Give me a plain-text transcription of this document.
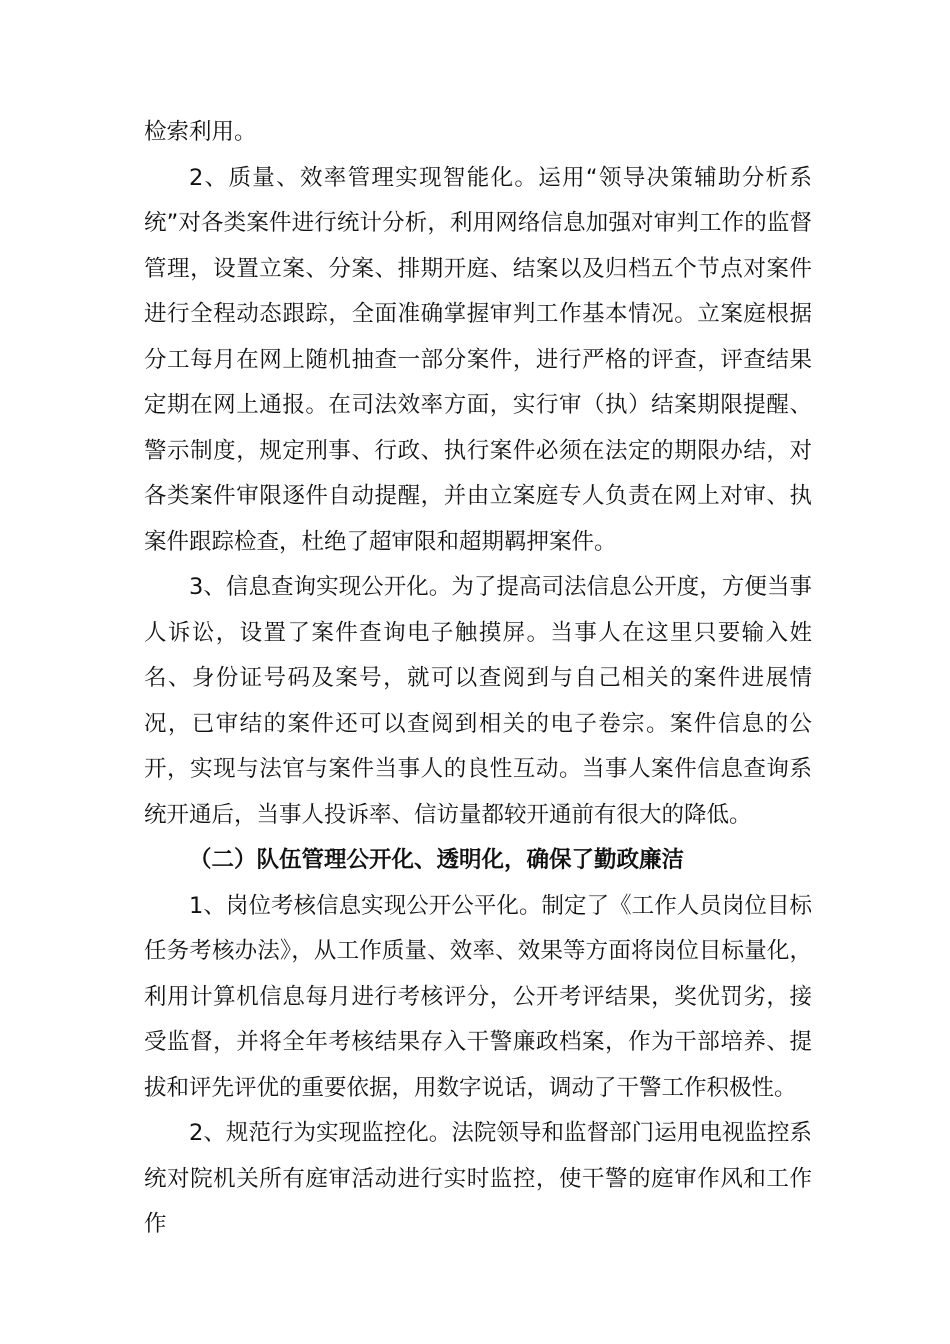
检索利用。

2、质量、效率管理实现智能化。运用“领导决策辅助分析系统”对各类案件进行统计分析，利用网络信息加强对审判工作的监督管理，设置立案、分案、排期开庭、结案以及归档五个节点对案件进行全程动态跟踪，全面准确掌握审判工作基本情况。立案庭根据分工每月在网上随机抽查一部分案件，进行严格的评查，评查结果定期在网上通报。在司法效率方面，实行审（执）结案期限提醒、警示制度，规定刑事、行政、执行案件必须在法定的期限办结，对各类案件审限逐件自动提醒，并由立案庭专人负责在网上对审、执案件跟踪检查，杜绝了超审限和超期羁押案件。

3、信息查询实现公开化。为了提高司法信息公开度，方便当事人诉讼，设置了案件查询电子触摸屏。当事人在这里只要输入姓名、身份证号码及案号，就可以查阅到与自己相关的案件进展情况，已审结的案件还可以查阅到相关的电子卷宗。案件信息的公开，实现与法官与案件当事人的良性互动。当事人案件信息查询系统开通后，当事人投诉率、信访量都较开通前有很大的降低。

（二）队伍管理公开化、透明化，确保了勤政廉洁

1、岗位考核信息实现公开公平化。制定了《工作人员岗位目标任务考核办法》，从工作质量、效率、效果等方面将岗位目标量化，利用计算机信息每月进行考核评分，公开考评结果，奖优罚劣，接受监督，并将全年考核结果存入干警廉政档案，作为干部培养、提拔和评先评优的重要依据，用数字说话，调动了干警工作积极性。

2、规范行为实现监控化。法院领导和监督部门运用电视监控系统对院机关所有庭审活动进行实时监控，使干警的庭审作风和工作作
